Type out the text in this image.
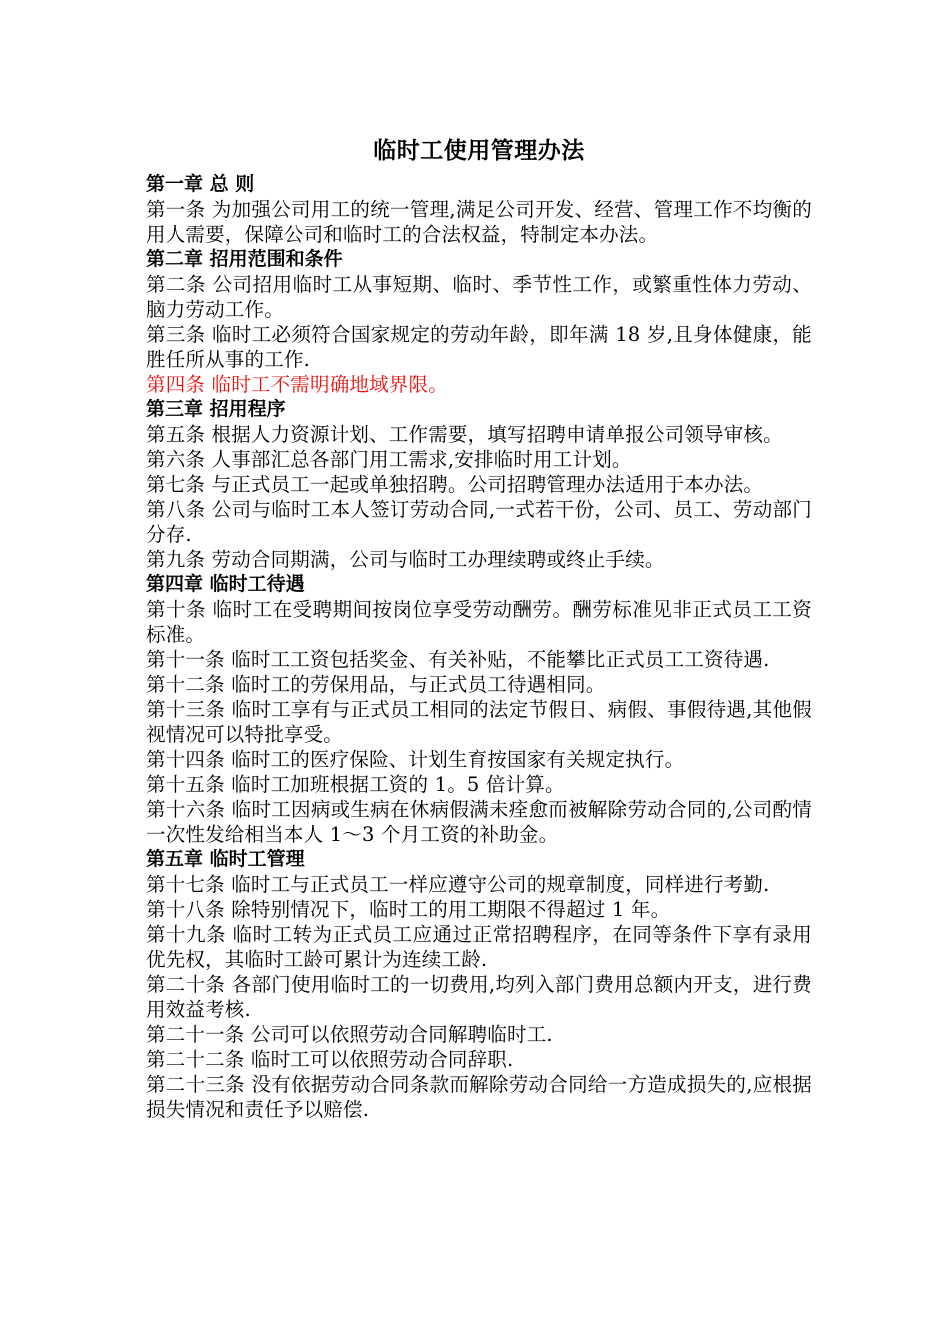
临时工使用管理办法
第一章 总 则

第一条 为加强公司用工的统一管理,满足公司开发、经营、管理工作不均衡的用人需要，保障公司和临时工的合法权益，特制定本办法。

第二章 招用范围和条件

第二条 公司招用临时工从事短期、临时、季节性工作，或繁重性体力劳动、脑力劳动工作。

第三条 临时工必须符合国家规定的劳动年龄，即年满 18 岁,且身体健康，能胜任所从事的工作.

第四条 临时工不需明确地域界限。

第三章 招用程序

第五条 根据人力资源计划、工作需要，填写招聘申请单报公司领导审核。

第六条 人事部汇总各部门用工需求,安排临时用工计划。

第七条 与正式员工一起或单独招聘。公司招聘管理办法适用于本办法。

第八条 公司与临时工本人签订劳动合同,一式若干份，公司、员工、劳动部门分存.

第九条 劳动合同期满，公司与临时工办理续聘或终止手续。

第四章 临时工待遇

第十条 临时工在受聘期间按岗位享受劳动酬劳。酬劳标准见非正式员工工资标准。

第十一条 临时工工资包括奖金、有关补贴，不能攀比正式员工工资待遇.

第十二条 临时工的劳保用品，与正式员工待遇相同。

第十三条 临时工享有与正式员工相同的法定节假日、病假、事假待遇,其他假视情况可以特批享受。

第十四条 临时工的医疗保险、计划生育按国家有关规定执行。

第十五条 临时工加班根据工资的 1。5 倍计算。

第十六条 临时工因病或生病在休病假满未痊愈而被解除劳动合同的,公司酌情一次性发给相当本人 1～3 个月工资的补助金。

第五章 临时工管理

第十七条 临时工与正式员工一样应遵守公司的规章制度，同样进行考勤.

第十八条 除特别情况下，临时工的用工期限不得超过 1 年。

第十九条 临时工转为正式员工应通过正常招聘程序，在同等条件下享有录用优先权，其临时工龄可累计为连续工龄.

第二十条 各部门使用临时工的一切费用,均列入部门费用总额内开支，进行费用效益考核.

第二十一条 公司可以依照劳动合同解聘临时工.

第二十二条 临时工可以依照劳动合同辞职.

第二十三条 没有依据劳动合同条款而解除劳动合同给一方造成损失的,应根据损失情况和责任予以赔偿.
